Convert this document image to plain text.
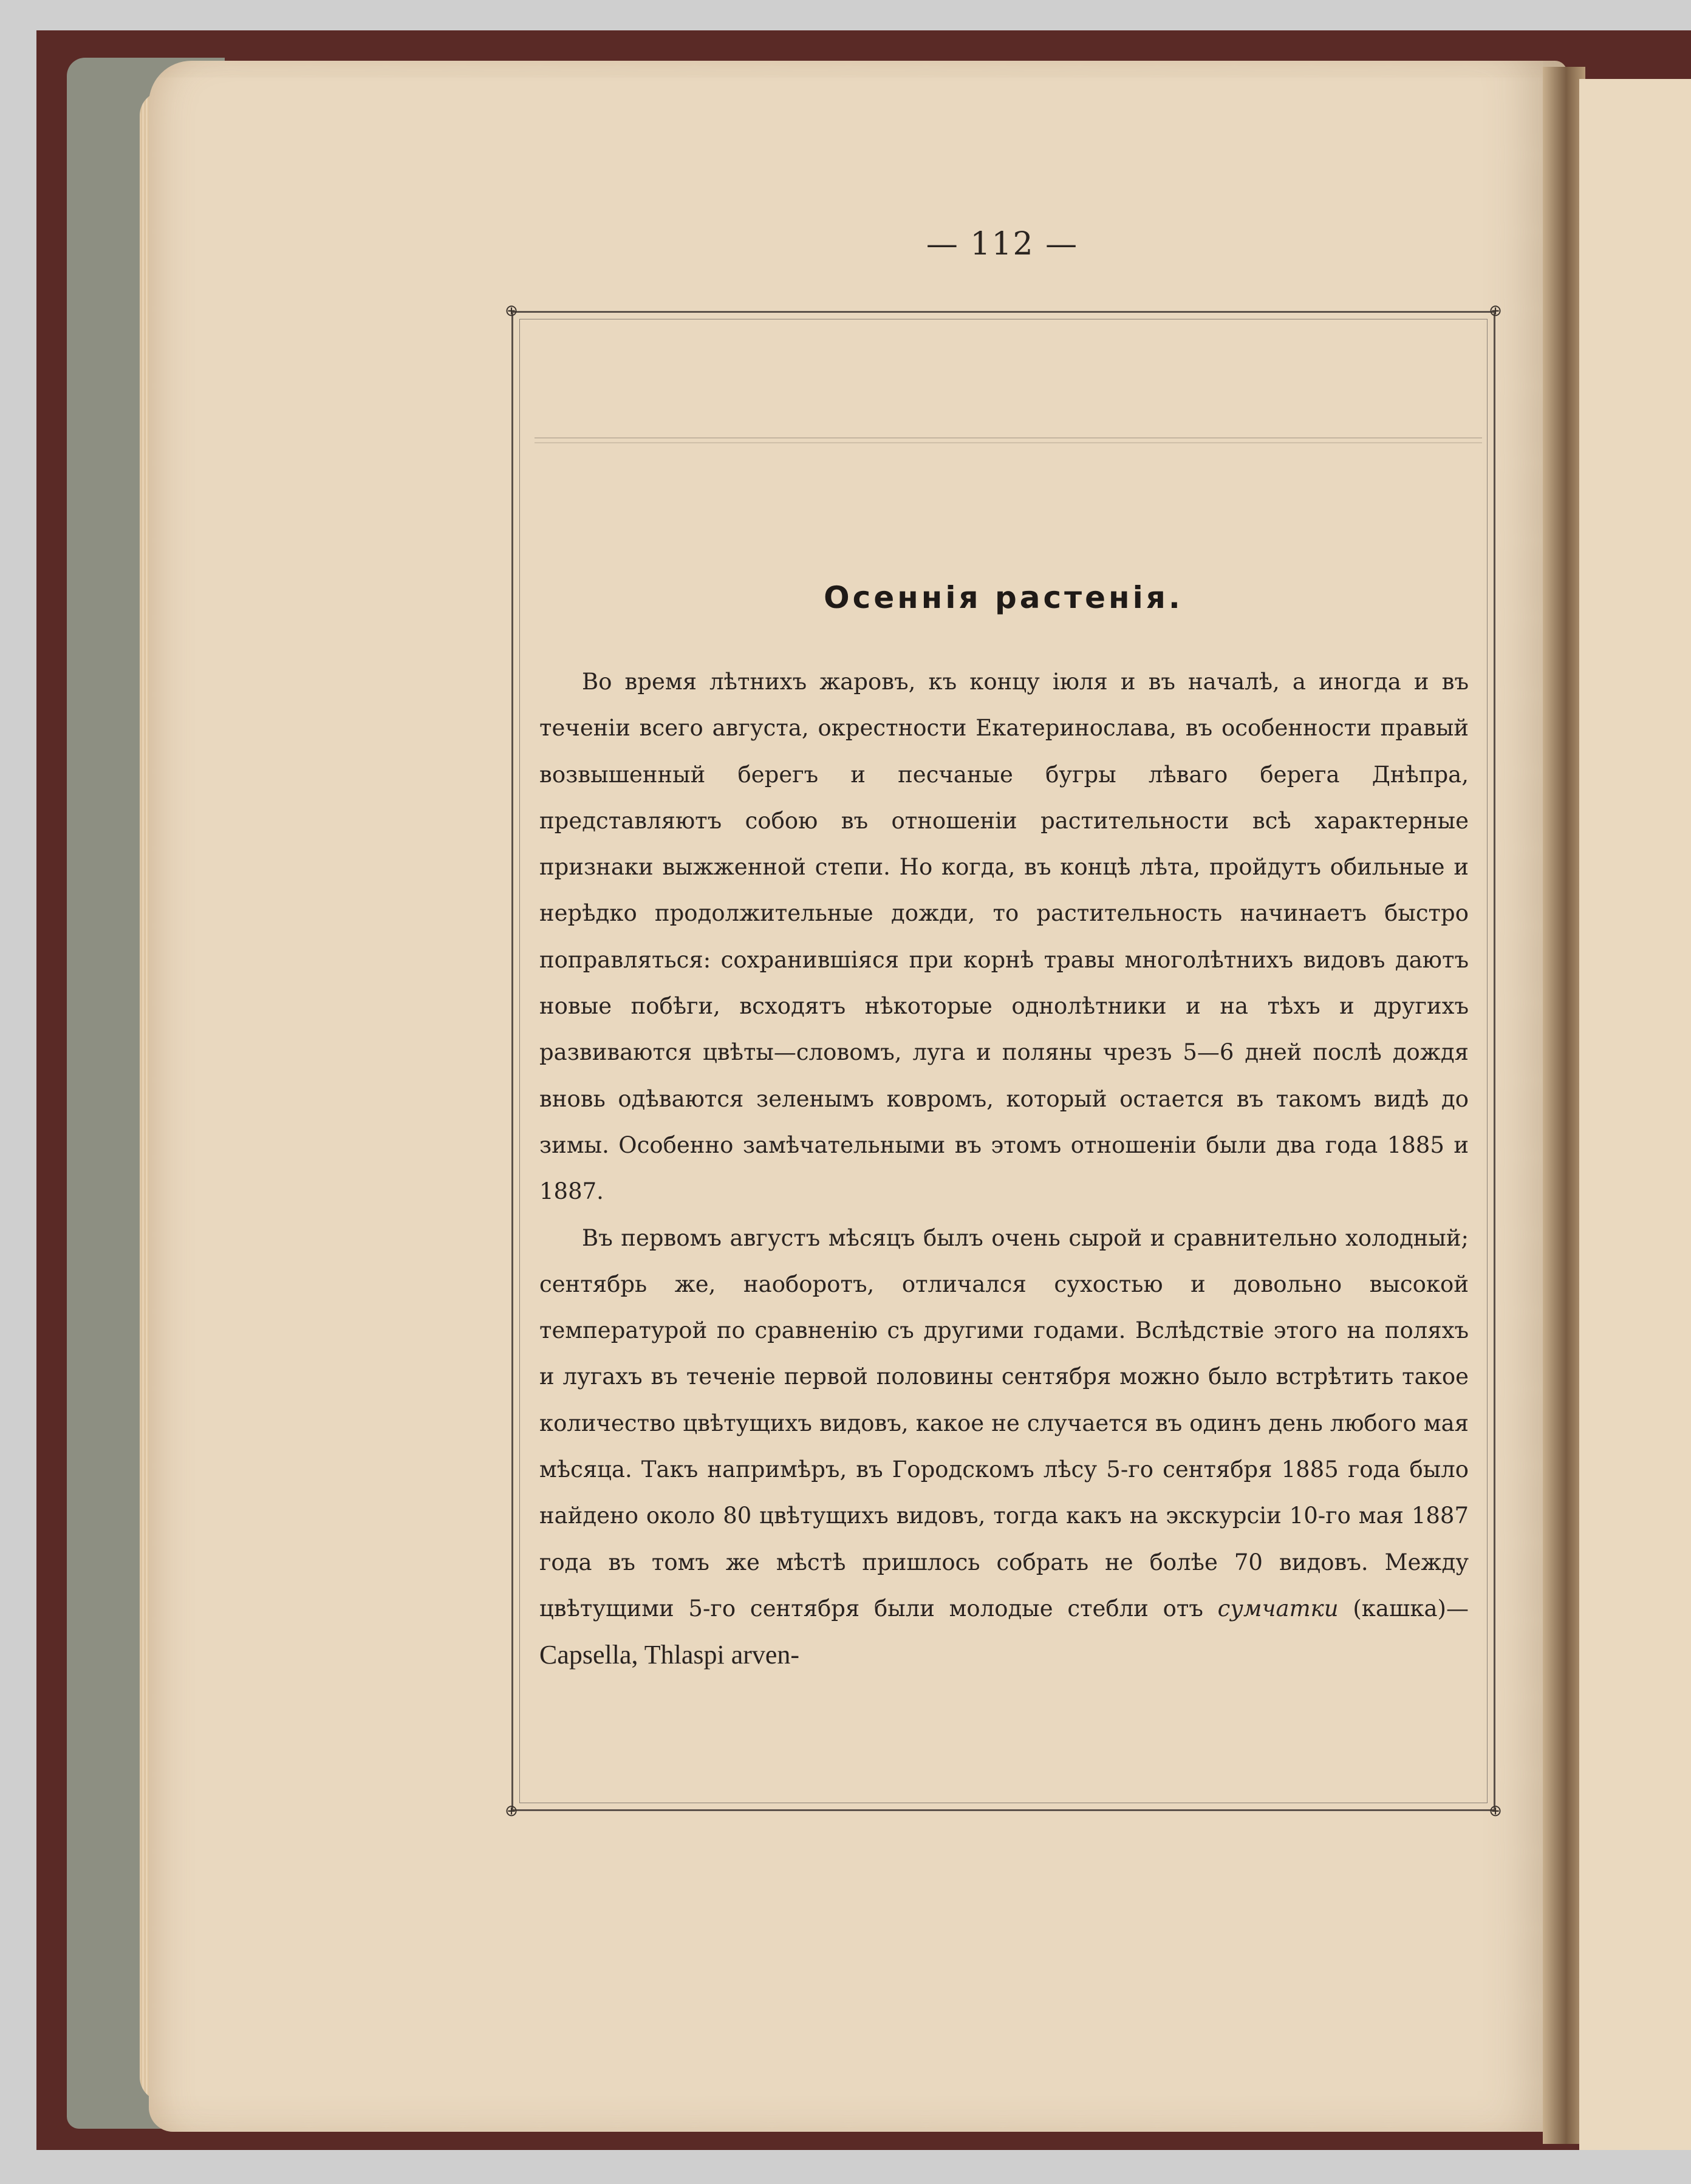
— 112 —
⊕	⊕
⊕	⊕
Осеннія растенія.

Во время лѣтнихъ жаровъ, къ концу іюля и въ началѣ, а иногда и въ теченіи всего августа, окрестности Екатеринослава, въ особенности правый возвышенный берегъ и песчаные бугры лѣваго берега Днѣпра, представляютъ собою въ отношеніи растительности всѣ характерные признаки выжженной степи. Но когда, въ концѣ лѣта, пройдутъ обильные и нерѣдко продолжительные дожди, то растительность начинаетъ быстро поправляться: сохранившіяся при корнѣ травы многолѣтнихъ видовъ даютъ новые побѣги, всходятъ нѣкоторые однолѣтники и на тѣхъ и другихъ развиваются цвѣты—словомъ, луга и поляны чрезъ 5—6 дней послѣ дождя вновь одѣваются зеленымъ ковромъ, который остается въ такомъ видѣ до зимы. Особенно замѣчательными въ этомъ отношеніи были два года 1885 и 1887.

Въ первомъ августъ мѣсяцъ былъ очень сырой и сравнительно холодный; сентябрь же, наоборотъ, отличался сухостью и довольно высокой температурой по сравненію съ другими годами. Вслѣдствіе этого на поляхъ и лугахъ въ теченіе первой половины сентября можно было встрѣтить такое количество цвѣтущихъ видовъ, какое не случается въ одинъ день любого мая мѣсяца. Такъ напримѣръ, въ Городскомъ лѣсу 5-го сентября 1885 года было найдено около 80 цвѣтущихъ видовъ, тогда какъ на экскурсіи 10-го мая 1887 года въ томъ же мѣстѣ пришлось собрать не болѣе 70 видовъ. Между цвѣтущими 5-го сентября были молодые стебли отъ сумчатки (кашка)—Capsella, Thlaspi arven-
